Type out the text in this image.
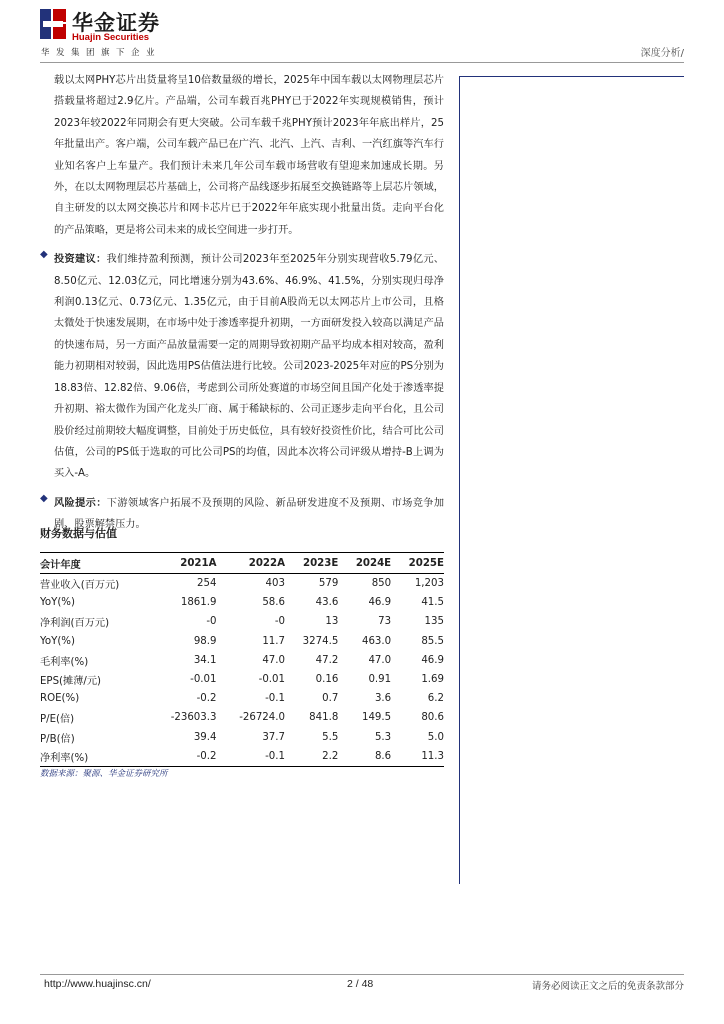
华金证券
Huajin Securities
华发集团旗下企业	深度分析/

载以太网PHY芯片出货量将呈10倍数量级的增长，2025年中国车载以太网物理层芯片搭载量将超过2.9亿片。产品端，公司车载百兆PHY已于2022年实现规模销售，预计2023年较2022年同期会有更大突破。公司车载千兆PHY预计2023年年底出样片，25年批量出产。客户端，公司车载产品已在广汽、北汽、上汽、吉利、一汽红旗等汽车行业知名客户上车量产。我们预计未来几年公司车载市场营收有望迎来加速成长期。另外，在以太网物理层芯片基础上，公司将产品线逐步拓展至交换链路等上层芯片领域，自主研发的以太网交换芯片和网卡芯片已于2022年年底实现小批量出货。走向平台化的产品策略，更是将公司未来的成长空间进一步打开。

◆ 投资建议：我们维持盈利预测，预计公司2023年至2025年分别实现营收5.79亿元、8.50亿元、12.03亿元，同比增速分别为43.6%、46.9%、41.5%，分别实现归母净利润0.13亿元、0.73亿元、1.35亿元，由于目前A股尚无以太网芯片上市公司，且格太微处于快速发展期，在市场中处于渗透率提升初期，一方面研发投入较高以满足产品的快速布局，另一方面产品放量需要一定的周期导致初期产品平均成本相对较高，盈利能力初期相对较弱，因此选用PS估值法进行比较。公司2023-2025年对应的PS分别为18.83倍、12.82倍、9.06倍，考虑到公司所处赛道的市场空间且国产化处于渗透率提升初期、裕太微作为国产化龙头厂商、属于稀缺标的、公司正逐步走向平台化，且公司股价经过前期较大幅度调整，目前处于历史低位，具有较好投资性价比，结合可比公司估值，公司的PS低于选取的可比公司PS的均值，因此本次将公司评级从增持-B上调为买入-A。

◆ 风险提示：下游领域客户拓展不及预期的风险、新品研发进度不及预期、市场竞争加剧、股票解禁压力。

财务数据与估值
会计年度	2021A	2022A	2023E	2024E	2025E
营业收入(百万元)	254	403	579	850	1,203
YoY(%)	1861.9	58.6	43.6	46.9	41.5
净利润(百万元)	-0	-0	13	73	135
YoY(%)	98.9	11.7	3274.5	463.0	85.5
毛利率(%)	34.1	47.0	47.2	47.0	46.9
EPS(摊薄/元)	-0.01	-0.01	0.16	0.91	1.69
ROE(%)	-0.2	-0.1	0.7	3.6	6.2
P/E(倍)	-23603.3	-26724.0	841.8	149.5	80.6
P/B(倍)	39.4	37.7	5.5	5.3	5.0
净利率(%)	-0.2	-0.1	2.2	8.6	11.3
数据来源：聚源、华金证券研究所
http://www.huajinsc.cn/	2 / 48	请务必阅读正文之后的免责条款部分
